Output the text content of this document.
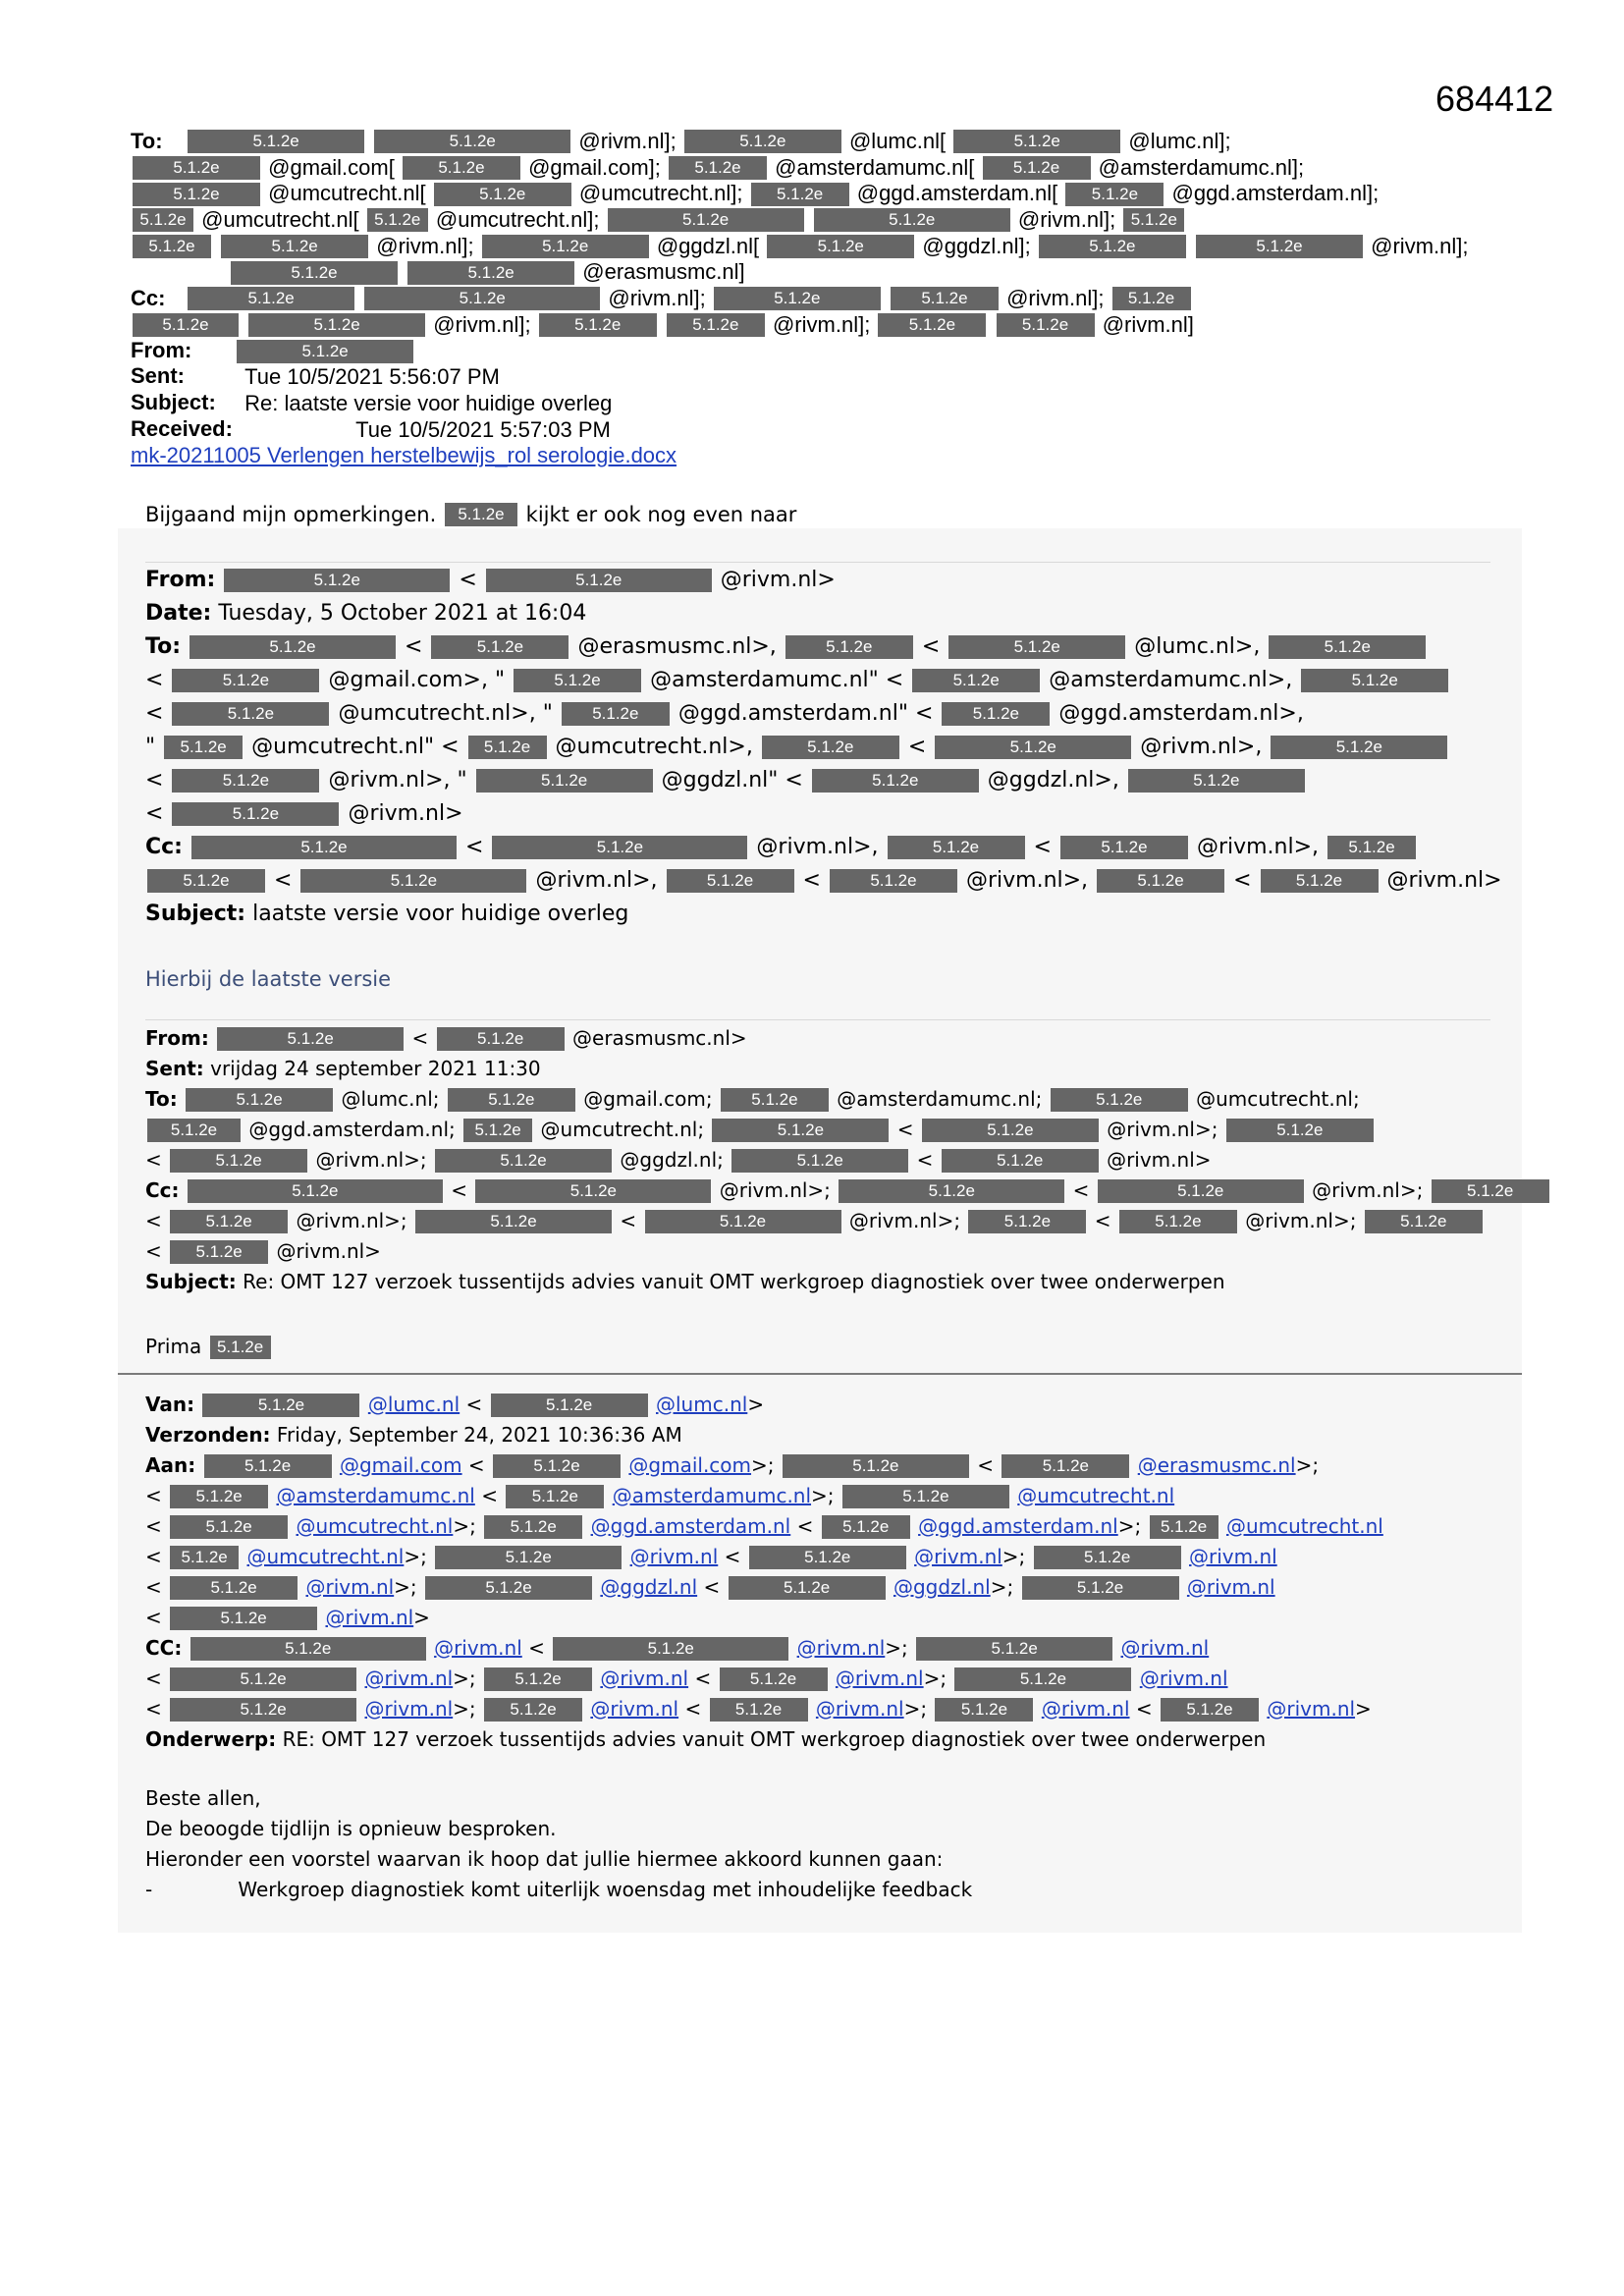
684412
To:	5.1.2e	5.1.2e	@rivm.nl];	5.1.2e	@lumc.nl[	5.1.2e	@lumc.nl];
5.1.2e @gmail.com[	5.1.2e @gmail.com]; 5.1.2e @amsterdamumc.nl[ 5.1.2e @amsterdamumc.nl];
5.1.2e @umcutrecht.nl[	5.1.2e @umcutrecht.nl]; 5.1.2e @ggd.amsterdam.nl[ 5.1.2e @ggd.amsterdam.nl];
5.1.2e @umcutrecht.nl[ 5.1.2e @umcutrecht.nl];	5.1.2e	5.1.2e	@rivm.nl]; 5.1.2e
5.1.2e	5.1.2e	@rivm.nl];	5.1.2e	@ggdzl.nl[	5.1.2e	@ggdzl.nl];	5.1.2e	5.1.2e	@rivm.nl];
5.1.2e	5.1.2e	@erasmusmc.nl]
Cc:	5.1.2e	5.1.2e	@rivm.nl];	5.1.2e	5.1.2e @rivm.nl]; 5.1.2e
5.1.2e	5.1.2e	@rivm.nl];	5.1.2e	5.1.2e @rivm.nl]; 5.1.2e	5.1.2e @rivm.nl]
From:	5.1.2e
Sent:	Tue 10/5/2021 5:56:07 PM
Subject: Re: laatste versie voor huidige overleg
Received:	Tue 10/5/2021 5:57:03 PM
mk-20211005 Verlengen herstelbewijs_rol serologie.docx
Bijgaand mijn opmerkingen. 5.1.2e kijkt er ook nog even naar
From:	5.1.2e	<	5.1.2e	@rivm.nl>
Date: Tuesday, 5 October 2021 at 16:04
To:	5.1.2e	<	5.1.2e	@erasmusmc.nl>,	5.1.2e <	5.1.2e	@lumc.nl>,	5.1.2e
<	5.1.2e	@gmail.com>, "	5.1.2e @amsterdamumc.nl" <	5.1.2e @amsterdamumc.nl>,	5.1.2e
<	5.1.2e	@umcutrecht.nl>, " 5.1.2e @ggd.amsterdam.nl" < 5.1.2e @ggd.amsterdam.nl>,
" 5.1.2e @umcutrecht.nl" < 5.1.2e @umcutrecht.nl>,	5.1.2e	<	5.1.2e	@rivm.nl>,	5.1.2e
<	5.1.2e	@rivm.nl>, "	5.1.2e	@ggdzl.nl" <	5.1.2e	@ggdzl.nl>,	5.1.2e
<	5.1.2e	@rivm.nl>
Cc:	5.1.2e	<	5.1.2e	@rivm.nl>,	5.1.2e	<	5.1.2e @rivm.nl>, 5.1.2e
5.1.2e <	5.1.2e	@rivm.nl>,	5.1.2e <	5.1.2e @rivm.nl>,	5.1.2e <	5.1.2e @rivm.nl>
Subject: laatste versie voor huidige overleg
Hierbij de laatste versie
From:	5.1.2e	<	5.1.2e @erasmusmc.nl>
Sent: vrijdag 24 september 2021 11:30
To:	5.1.2e	@lumc.nl;	5.1.2e @gmail.com; 5.1.2e @amsterdamumc.nl;	5.1.2e	@umcutrecht.nl;
5.1.2e @ggd.amsterdam.nl; 5.1.2e @umcutrecht.nl;	5.1.2e	<	5.1.2e	@rivm.nl>;	5.1.2e
<	5.1.2e	@rivm.nl>;	5.1.2e	@ggdzl.nl;	5.1.2e	<	5.1.2e	@rivm.nl>
Cc:	5.1.2e	<	5.1.2e	@rivm.nl>;	5.1.2e	<	5.1.2e	@rivm.nl>;	5.1.2e
<	5.1.2e @rivm.nl>;	5.1.2e	<	5.1.2e	@rivm.nl>;	5.1.2e <	5.1.2e @rivm.nl>;	5.1.2e
< 5.1.2e @rivm.nl>
Subject: Re: OMT 127 verzoek tussentijds advies vanuit OMT werkgroep diagnostiek over twee onderwerpen
Prima 5.1.2e
Van:	5.1.2e	@lumc.nl <	5.1.2e	@lumc.nl>
Verzonden: Friday, September 24, 2021 10:36:36 AM
Aan:	5.1.2e @gmail.com <	5.1.2e @gmail.com>;	5.1.2e	<	5.1.2e @erasmusmc.nl>;
< 5.1.2e @amsterdamumc.nl < 5.1.2e @amsterdamumc.nl>;	5.1.2e	@umcutrecht.nl
<	5.1.2e @umcutrecht.nl>; 5.1.2e @ggd.amsterdam.nl < 5.1.2e @ggd.amsterdam.nl>; 5.1.2e @umcutrecht.nl
< 5.1.2e @umcutrecht.nl>;	5.1.2e	@rivm.nl <	5.1.2e	@rivm.nl>;	5.1.2e	@rivm.nl
<	5.1.2e @rivm.nl>;	5.1.2e	@ggdzl.nl <	5.1.2e	@ggdzl.nl>;	5.1.2e	@rivm.nl
<	5.1.2e	@rivm.nl>
CC:	5.1.2e	@rivm.nl <	5.1.2e	@rivm.nl>;	5.1.2e	@rivm.nl
<	5.1.2e	@rivm.nl>; 5.1.2e @rivm.nl < 5.1.2e @rivm.nl>;	5.1.2e	@rivm.nl
<	5.1.2e	@rivm.nl>; 5.1.2e @rivm.nl < 5.1.2e @rivm.nl>; 5.1.2e @rivm.nl < 5.1.2e @rivm.nl>
Onderwerp: RE: OMT 127 verzoek tussentijds advies vanuit OMT werkgroep diagnostiek over twee onderwerpen
Beste allen,
De beoogde tijdlijn is opnieuw besproken.
Hieronder een voorstel waarvan ik hoop dat jullie hiermee akkoord kunnen gaan:
-	Werkgroep diagnostiek komt uiterlijk woensdag met inhoudelijke feedback
